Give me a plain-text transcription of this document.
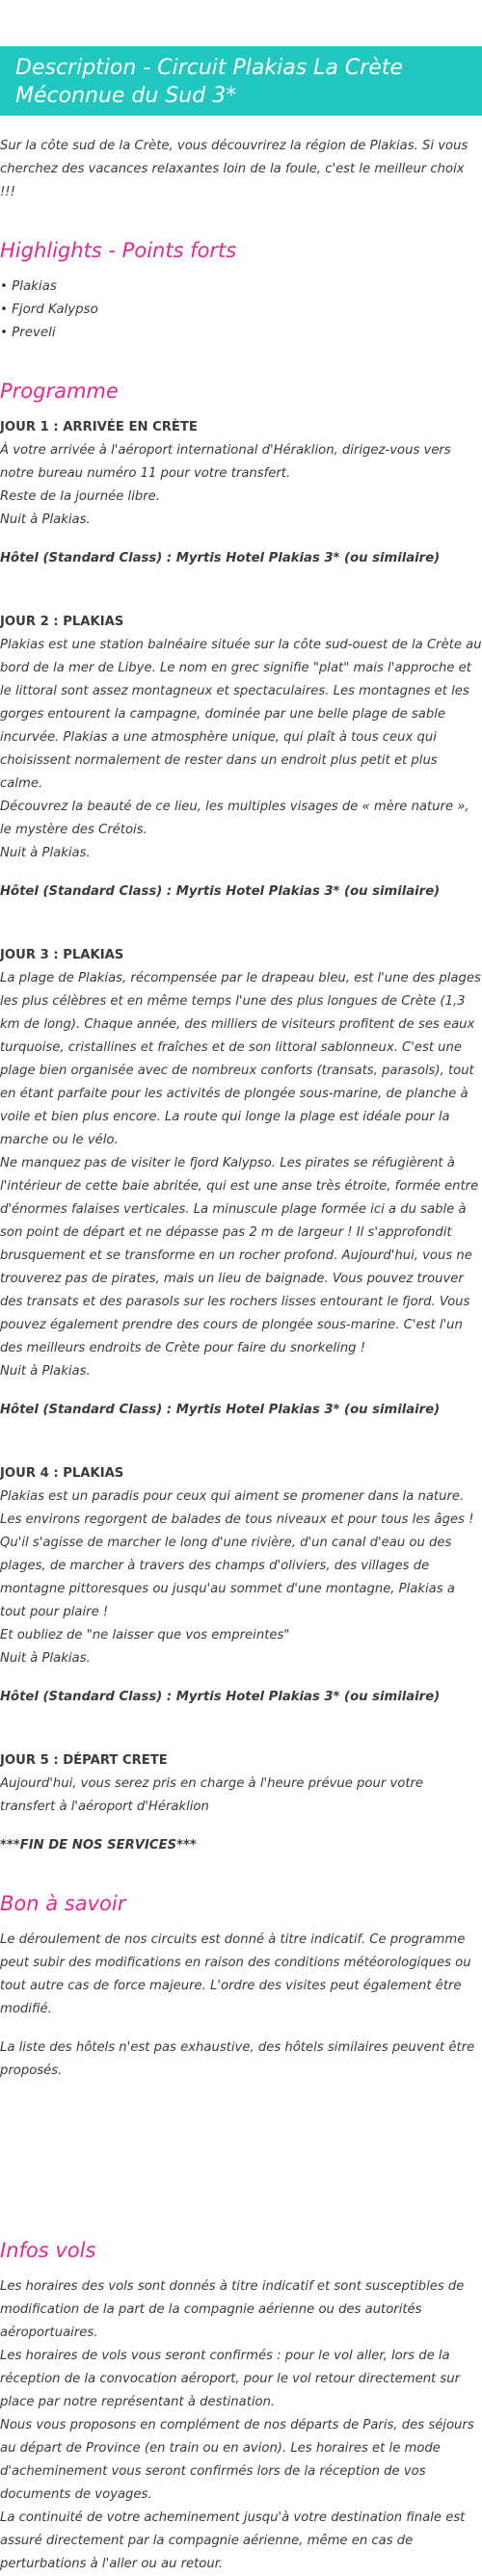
Description - Circuit Plakias La Crète Méconnue du Sud 3*

Sur la côte sud de la Crète, vous découvrirez la région de Plakias. Si vous cherchez des vacances relaxantes loin de la foule, c'est le meilleur choix !!!

Highlights - Points forts
• Plakias
• Fjord Kalypso
• Preveli
Programme

JOUR 1 : ARRIVÉE EN CRÈTE

À votre arrivée à l'aéroport international d'Héraklion, dirigez-vous vers notre bureau numéro 11 pour votre transfert.

Reste de la journée libre.

Nuit à Plakias.

Hôtel (Standard Class) : Myrtis Hotel Plakias 3* (ou similaire)

JOUR 2 : PLAKIAS

Plakias est une station balnéaire située sur la côte sud-ouest de la Crète au bord de la mer de Libye. Le nom en grec signifie "plat" mais l'approche et le littoral sont assez montagneux et spectaculaires. Les montagnes et les gorges entourent la campagne, dominée par une belle plage de sable incurvée. Plakias a une atmosphère unique, qui plaît à tous ceux qui choisissent normalement de rester dans un endroit plus petit et plus calme.

Découvrez la beauté de ce lieu, les multiples visages de « mère nature », le mystère des Crétois.

Nuit à Plakias.

Hôtel (Standard Class) : Myrtis Hotel Plakias 3* (ou similaire)

JOUR 3 : PLAKIAS

La plage de Plakias, récompensée par le drapeau bleu, est l'une des plages les plus célèbres et en même temps l'une des plus longues de Crète (1,3 km de long). Chaque année, des milliers de visiteurs profitent de ses eaux turquoise, cristallines et fraîches et de son littoral sablonneux. C'est une plage bien organisée avec de nombreux conforts (transats, parasols), tout en étant parfaite pour les activités de plongée sous-marine, de planche à voile et bien plus encore. La route qui longe la plage est idéale pour la marche ou le vélo.

Ne manquez pas de visiter le fjord Kalypso. Les pirates se réfugièrent à l'intérieur de cette baie abritée, qui est une anse très étroite, formée entre d'énormes falaises verticales. La minuscule plage formée ici a du sable à son point de départ et ne dépasse pas 2 m de largeur ! Il s'approfondit brusquement et se transforme en un rocher profond. Aujourd'hui, vous ne trouverez pas de pirates, mais un lieu de baignade. Vous pouvez trouver des transats et des parasols sur les rochers lisses entourant le fjord. Vous pouvez également prendre des cours de plongée sous-marine. C'est l'un des meilleurs endroits de Crète pour faire du snorkeling !

Nuit à Plakias.

Hôtel (Standard Class) : Myrtis Hotel Plakias 3* (ou similaire)

JOUR 4 : PLAKIAS

Plakias est un paradis pour ceux qui aiment se promener dans la nature. Les environs regorgent de balades de tous niveaux et pour tous les âges ! Qu'il s'agisse de marcher le long d'une rivière, d'un canal d'eau ou des plages, de marcher à travers des champs d'oliviers, des villages de montagne pittoresques ou jusqu'au sommet d'une montagne, Plakias a tout pour plaire !

Et oubliez de "ne laisser que vos empreintes"

Nuit à Plakias.

Hôtel (Standard Class) : Myrtis Hotel Plakias 3* (ou similaire)

JOUR 5 : DÉPART CRETE

Aujourd'hui, vous serez pris en charge à l'heure prévue pour votre transfert à l'aéroport d'Héraklion

***FIN DE NOS SERVICES***

Bon à savoir

Le déroulement de nos circuits est donné à titre indicatif. Ce programme peut subir des modifications en raison des conditions météorologiques ou tout autre cas de force majeure. L'ordre des visites peut également être modifié.

La liste des hôtels n'est pas exhaustive, des hôtels similaires peuvent être proposés.

Infos vols

Les horaires des vols sont donnés à titre indicatif et sont susceptibles de modification de la part de la compagnie aérienne ou des autorités aéroportuaires.

Les horaires de vols vous seront confirmés : pour le vol aller, lors de la réception de la convocation aéroport, pour le vol retour directement sur place par notre représentant à destination.

Nous vous proposons en complément de nos départs de Paris, des séjours au départ de Province (en train ou en avion). Les horaires et le mode d'acheminement vous seront confirmés lors de la réception de vos documents de voyages.

La continuité de votre acheminement jusqu'à votre destination finale est assuré directement par la compagnie aérienne, même en cas de perturbations à l'aller ou au retour.
